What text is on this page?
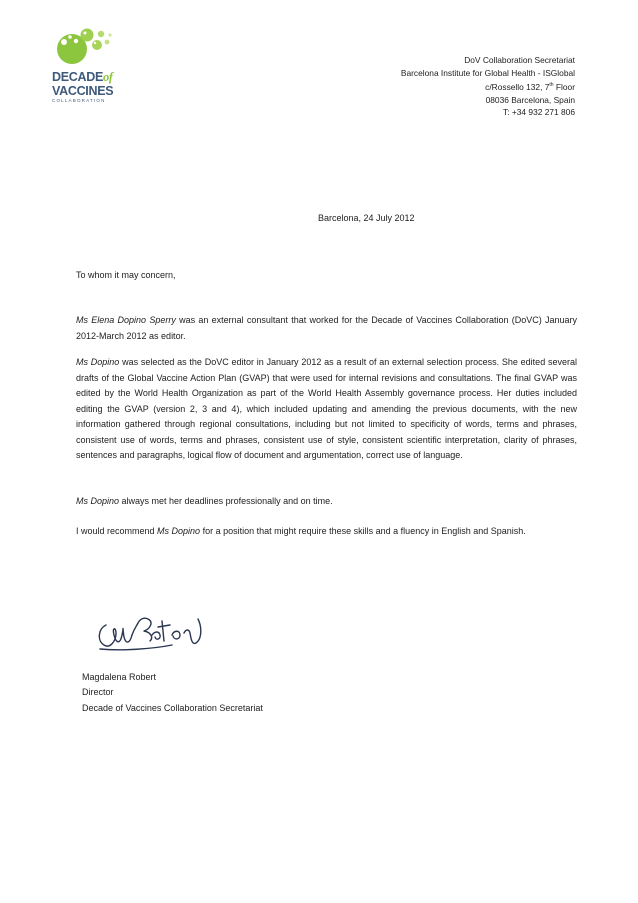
DECADEof
VACCINES
COLLABORATION
DoV Collaboration Secretariat
Barcelona Institute for Global Health - ISGlobal
c/Rossello 132, 7th Floor
08036 Barcelona, Spain
T: +34 932 271 806
Barcelona, 24 July 2012

To whom it may concern,

Ms Elena Dopino Sperry was an external consultant that worked for the Decade of Vaccines Collaboration (DoVC) January 2012-March 2012 as editor.

Ms Dopino was selected as the DoVC editor in January 2012 as a result of an external selection process. She edited several drafts of the Global Vaccine Action Plan (GVAP) that were used for internal revisions and consultations. The final GVAP was edited by the World Health Organization as part of the World Health Assembly governance process. Her duties included editing the GVAP (version 2, 3 and 4), which included updating and amending the previous documents, with the new information gathered through regional consultations, including but not limited to specificity of words, terms and phrases, consistent use of words, terms and phrases, consistent use of style, consistent scientific interpretation, clarity of phrases, sentences and paragraphs, logical flow of document and argumentation, correct use of language.

Ms Dopino always met her deadlines professionally and on time.

I would recommend Ms Dopino for a position that might require these skills and a fluency in English and Spanish.

Magdalena Robert
Director
Decade of Vaccines Collaboration Secretariat
